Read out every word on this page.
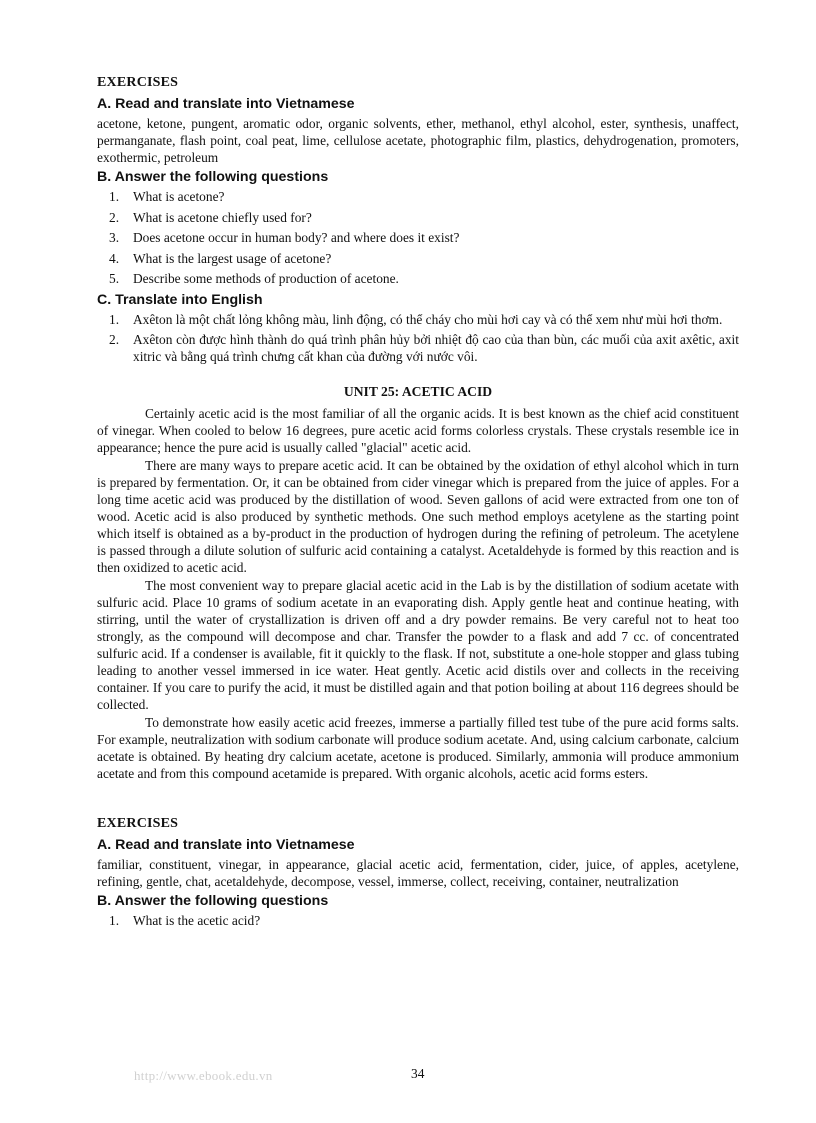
EXERCISES
A. Read and translate into Vietnamese

acetone, ketone, pungent, aromatic odor, organic solvents, ether, methanol, ethyl alcohol, ester, synthesis, unaffect, permanganate, flash point, coal peat, lime, cellulose acetate, photographic film, plastics, dehydrogenation, promoters, exothermic, petroleum

B. Answer the following questions
1. What is acetone?
2. What is acetone chiefly used for?
3. Does acetone occur in human body? and where does it exist?
4. What is the largest usage of acetone?
5. Describe some methods of production of acetone.
C. Translate into English
1. Axêton là một chất lỏng không màu, linh động, có thể cháy cho mùi hơi cay và có thể xem như mùi hơi thơm.
2. Axêton còn được hình thành do quá trình phân hủy bởi nhiệt độ cao của than bùn, các muối của axit axêtic, axit xitric và bằng quá trình chưng cất khan của đường với nước vôi.
UNIT 25: ACETIC ACID

Certainly acetic acid is the most familiar of all the organic acids. It is best known as the chief acid constituent of vinegar. When cooled to below 16 degrees, pure acetic acid forms colorless crystals. These crystals resemble ice in appearance; hence the pure acid is usually called "glacial" acetic acid.

There are many ways to prepare acetic acid. It can be obtained by the oxidation of ethyl alcohol which in turn is prepared by fermentation. Or, it can be obtained from cider vinegar which is prepared from the juice of apples. For a long time acetic acid was produced by the distillation of wood. Seven gallons of acid were extracted from one ton of wood. Acetic acid is also produced by synthetic methods. One such method employs acetylene as the starting point which itself is obtained as a by-product in the production of hydrogen during the refining of petroleum. The acetylene is passed through a dilute solution of sulfuric acid containing a catalyst. Acetaldehyde is formed by this reaction and is then oxidized to acetic acid.

The most convenient way to prepare glacial acetic acid in the Lab is by the distillation of sodium acetate with sulfuric acid. Place 10 grams of sodium acetate in an evaporating dish. Apply gentle heat and continue heating, with stirring, until the water of crystallization is driven off and a dry powder remains. Be very careful not to heat too strongly, as the compound will decompose and char. Transfer the powder to a flask and add 7 cc. of concentrated sulfuric acid. If a condenser is available, fit it quickly to the flask. If not, substitute a one-hole stopper and glass tubing leading to another vessel immersed in ice water. Heat gently. Acetic acid distils over and collects in the receiving container. If you care to purify the acid, it must be distilled again and that potion boiling at about 116 degrees should be collected.

To demonstrate how easily acetic acid freezes, immerse a partially filled test tube of the pure acid forms salts. For example, neutralization with sodium carbonate will produce sodium acetate. And, using calcium carbonate, calcium acetate is obtained. By heating dry calcium acetate, acetone is produced. Similarly, ammonia will produce ammonium acetate and from this compound acetamide is prepared. With organic alcohols, acetic acid forms esters.

EXERCISES
A. Read and translate into Vietnamese

familiar, constituent, vinegar, in appearance, glacial acetic acid, fermentation, cider, juice, of apples, acetylene, refining, gentle, chat, acetaldehyde, decompose, vessel, immerse, collect, receiving, container, neutralization

B. Answer the following questions
1. What is the acetic acid?
http://www.ebook.edu.vn	34
